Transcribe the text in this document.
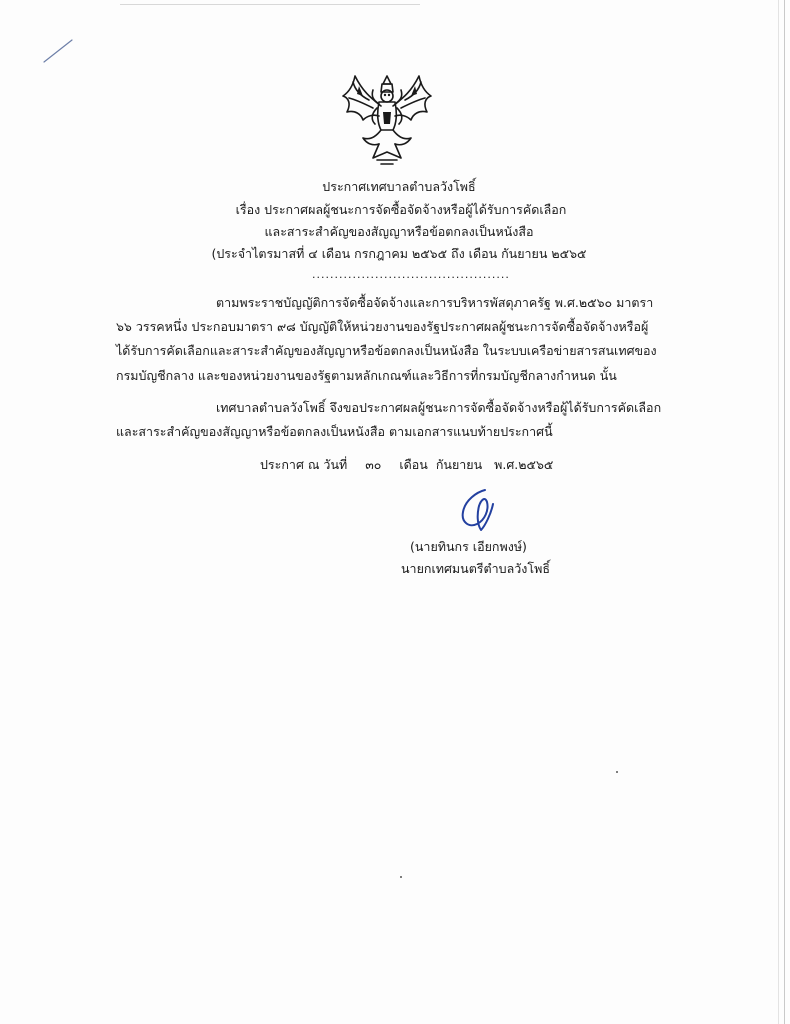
ประกาศเทศบาลตำบลวังโพธิ์
เรื่อง ประกาศผลผู้ชนะการจัดซื้อจัดจ้างหรือผู้ได้รับการคัดเลือก
และสาระสำคัญของสัญญาหรือข้อตกลงเป็นหนังสือ
(ประจำไตรมาสที่ ๔ เดือน กรกฎาคม ๒๕๖๕ ถึง เดือน กันยายน ๒๕๖๕
............................................
ตามพระราชบัญญัติการจัดซื้อจัดจ้างและการบริหารพัสดุภาครัฐ พ.ศ.๒๕๖๐ มาตรา
๖๖ วรรคหนึ่ง ประกอบมาตรา ๙๘ บัญญัติให้หน่วยงานของรัฐประกาศผลผู้ชนะการจัดซื้อจัดจ้างหรือผู้
ได้รับการคัดเลือกและสาระสำคัญของสัญญาหรือข้อตกลงเป็นหนังสือ ในระบบเครือข่ายสารสนเทศของ
กรมบัญชีกลาง และของหน่วยงานของรัฐตามหลักเกณฑ์และวิธีการที่กรมบัญชีกลางกำหนด นั้น
เทศบาลตำบลวังโพธิ์ จึงขอประกาศผลผู้ชนะการจัดซื้อจัดจ้างหรือผู้ได้รับการคัดเลือก
และสาระสำคัญของสัญญาหรือข้อตกลงเป็นหนังสือ ตามเอกสารแนบท้ายประกาศนี้
ประกาศ ณ วันที่ ๓๐ เดือน กันยายน พ.ศ.๒๕๖๕
(นายทินกร เอียกพงษ์)
นายกเทศมนตรีตำบลวังโพธิ์
